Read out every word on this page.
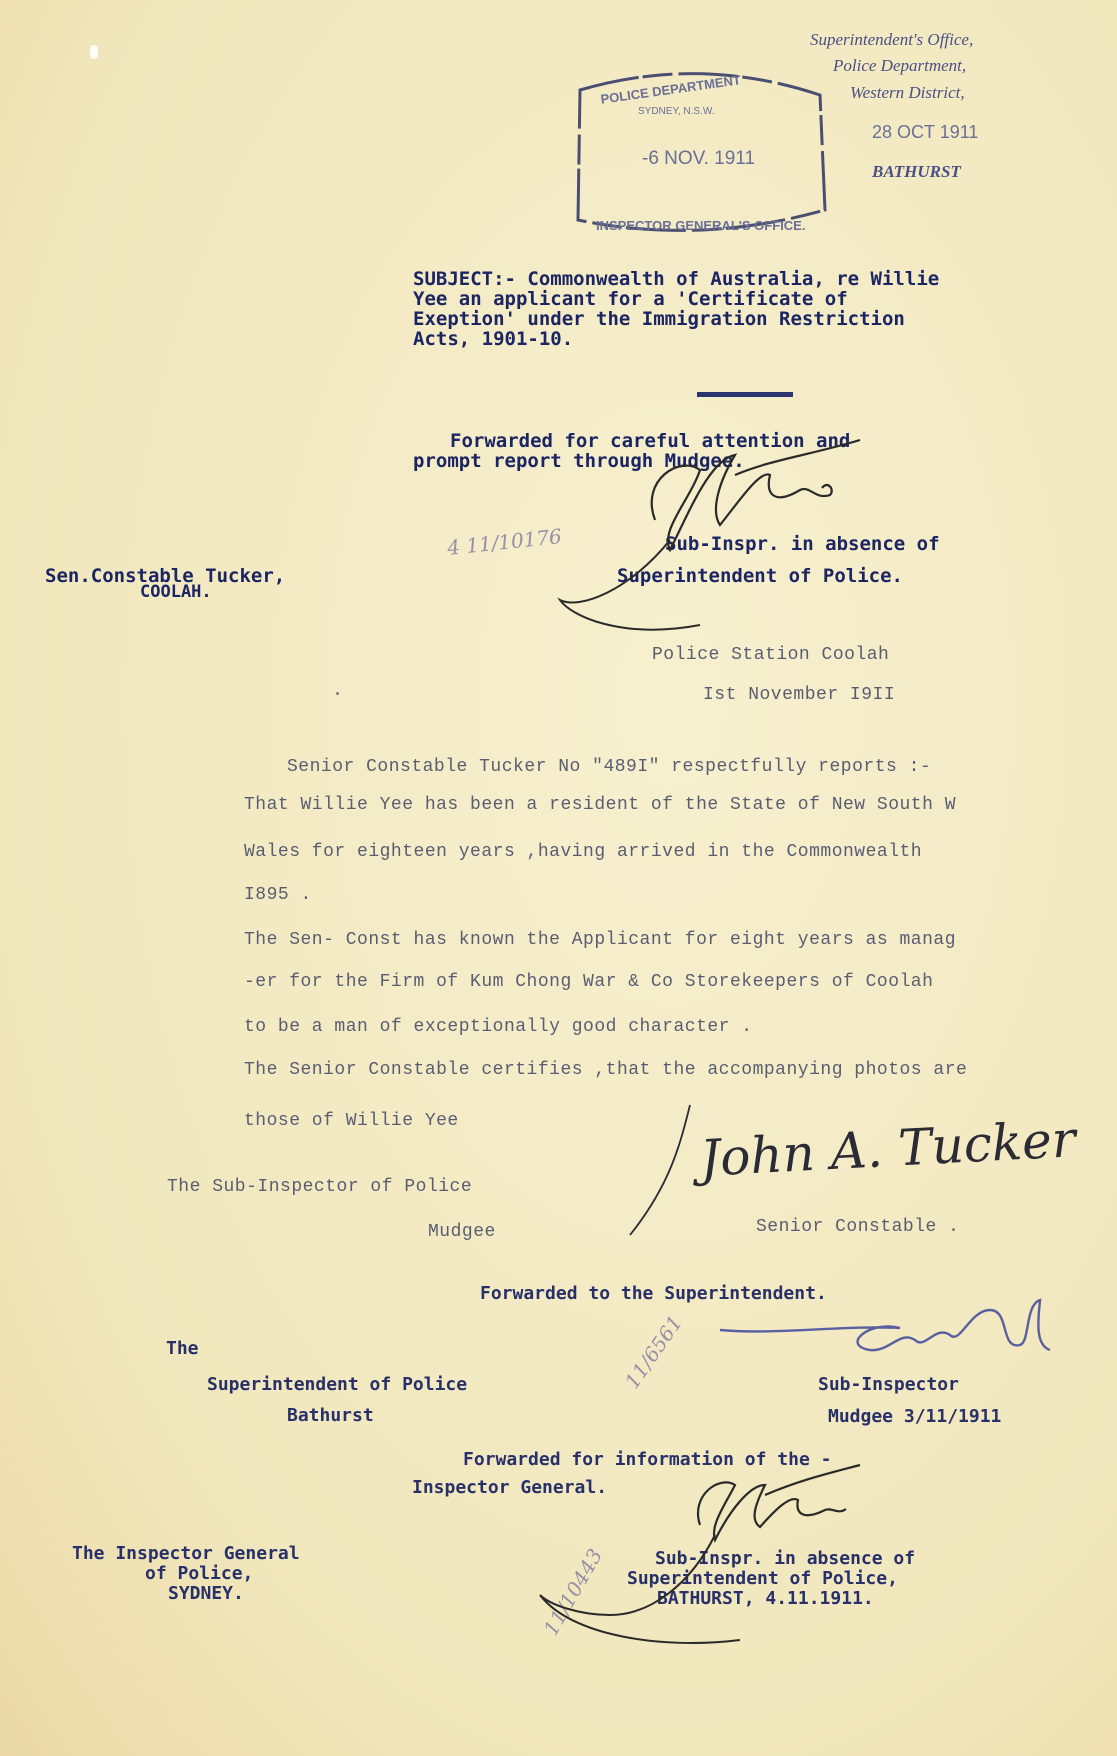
Superintendent's Office,
Police Department,
Western District,
28 OCT 1911
BATHURST
POLICE DEPARTMENT
SYDNEY, N.S.W.
-6 NOV. 1911
INSPECTOR GENERAL'S OFFICE.
SUBJECT:- Commonwealth of Australia, re Willie
Yee an applicant for a 'Certificate of
Exeption' under the Immigration Restriction
Acts, 1901-10.
Forwarded for careful attention and
prompt report through Mudgee.
Sub-Inspr. in absence of
Superintendent of Police.
Sen.Constable Tucker,
COOLAH.
4 11/10176
Police Station Coolah
Ist November I9II
Senior Constable Tucker No "489I" respectfully reports :-
That Willie Yee has been a resident of the State of New South W
Wales for eighteen years ,having arrived in the Commonwealth
I895 .
The Sen- Const has known the Applicant for eight years as manag
-er for the Firm of Kum Chong War & Co Storekeepers of Coolah
to be a man of exceptionally good character .
The Senior Constable certifies ,that the accompanying photos are
those of Willie Yee
The Sub-Inspector of Police
Mudgee	Senior Constable .
John A. Tucker
Forwarded to the Superintendent.
The
Superintendent of Police
Bathurst
11/6561	Sub-Inspector
Mudgee 3/11/1911
Forwarded for information of the -
Inspector General.
The Inspector General
of Police,
SYDNEY.	11/10443	Sub-Inspr. in absence of
Superintendent of Police,
BATHURST, 4.11.1911.
